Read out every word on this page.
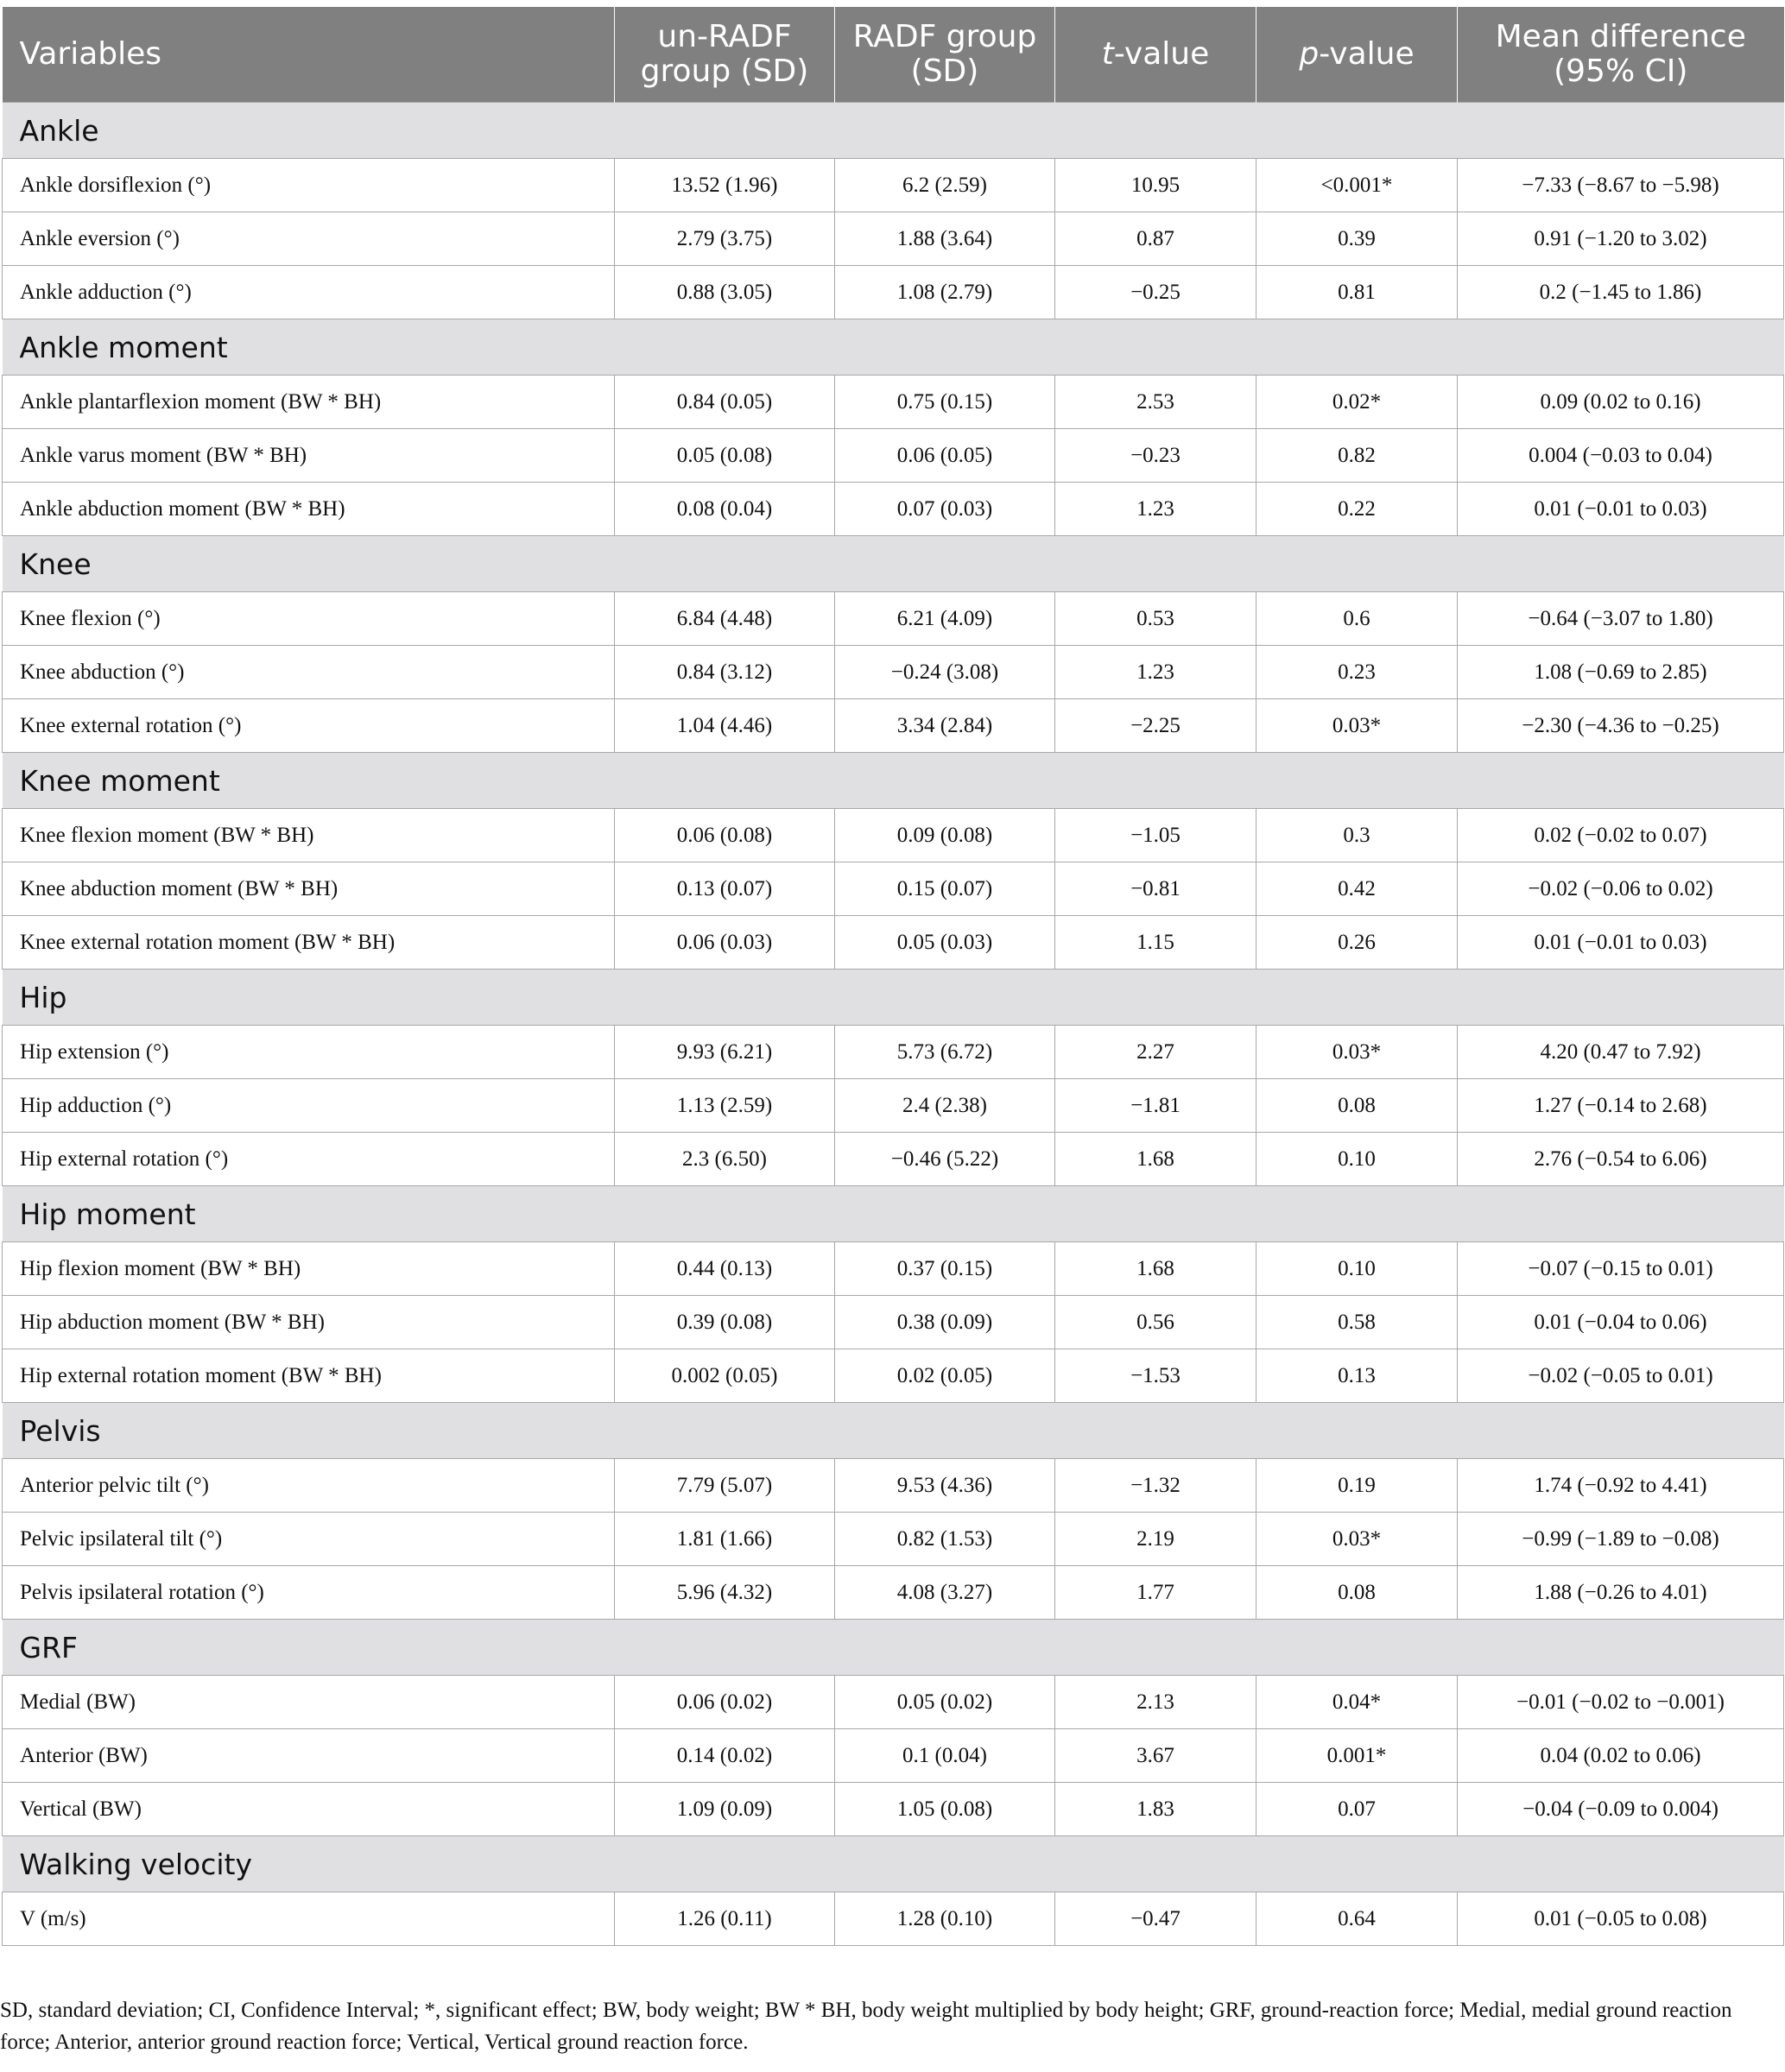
Variables	un-RADF group (SD)	RADF group (SD)	t-value	p-value	Mean difference (95% CI)
Ankle					
Ankle dorsiflexion (°)	13.52 (1.96)	6.2 (2.59)	10.95	<0.001*	−7.33 (−8.67 to −5.98)
Ankle eversion (°)	2.79 (3.75)	1.88 (3.64)	0.87	0.39	0.91 (−1.20 to 3.02)
Ankle adduction (°)	0.88 (3.05)	1.08 (2.79)	−0.25	0.81	0.2 (−1.45 to 1.86)
Ankle moment					
Ankle plantarflexion moment (BW * BH)	0.84 (0.05)	0.75 (0.15)	2.53	0.02*	0.09 (0.02 to 0.16)
Ankle varus moment (BW * BH)	0.05 (0.08)	0.06 (0.05)	−0.23	0.82	0.004 (−0.03 to 0.04)
Ankle abduction moment (BW * BH)	0.08 (0.04)	0.07 (0.03)	1.23	0.22	0.01 (−0.01 to 0.03)
Knee					
Knee flexion (°)	6.84 (4.48)	6.21 (4.09)	0.53	0.6	−0.64 (−3.07 to 1.80)
Knee abduction (°)	0.84 (3.12)	−0.24 (3.08)	1.23	0.23	1.08 (−0.69 to 2.85)
Knee external rotation (°)	1.04 (4.46)	3.34 (2.84)	−2.25	0.03*	−2.30 (−4.36 to −0.25)
Knee moment					
Knee flexion moment (BW * BH)	0.06 (0.08)	0.09 (0.08)	−1.05	0.3	0.02 (−0.02 to 0.07)
Knee abduction moment (BW * BH)	0.13 (0.07)	0.15 (0.07)	−0.81	0.42	−0.02 (−0.06 to 0.02)
Knee external rotation moment (BW * BH)	0.06 (0.03)	0.05 (0.03)	1.15	0.26	0.01 (−0.01 to 0.03)
Hip					
Hip extension (°)	9.93 (6.21)	5.73 (6.72)	2.27	0.03*	4.20 (0.47 to 7.92)
Hip adduction (°)	1.13 (2.59)	2.4 (2.38)	−1.81	0.08	1.27 (−0.14 to 2.68)
Hip external rotation (°)	2.3 (6.50)	−0.46 (5.22)	1.68	0.10	2.76 (−0.54 to 6.06)
Hip moment					
Hip flexion moment (BW * BH)	0.44 (0.13)	0.37 (0.15)	1.68	0.10	−0.07 (−0.15 to 0.01)
Hip abduction moment (BW * BH)	0.39 (0.08)	0.38 (0.09)	0.56	0.58	0.01 (−0.04 to 0.06)
Hip external rotation moment (BW * BH)	0.002 (0.05)	0.02 (0.05)	−1.53	0.13	−0.02 (−0.05 to 0.01)
Pelvis					
Anterior pelvic tilt (°)	7.79 (5.07)	9.53 (4.36)	−1.32	0.19	1.74 (−0.92 to 4.41)
Pelvic ipsilateral tilt (°)	1.81 (1.66)	0.82 (1.53)	2.19	0.03*	−0.99 (−1.89 to −0.08)
Pelvis ipsilateral rotation (°)	5.96 (4.32)	4.08 (3.27)	1.77	0.08	1.88 (−0.26 to 4.01)
GRF					
Medial (BW)	0.06 (0.02)	0.05 (0.02)	2.13	0.04*	−0.01 (−0.02 to −0.001)
Anterior (BW)	0.14 (0.02)	0.1 (0.04)	3.67	0.001*	0.04 (0.02 to 0.06)
Vertical (BW)	1.09 (0.09)	1.05 (0.08)	1.83	0.07	−0.04 (−0.09 to 0.004)
Walking velocity					
V (m/s)	1.26 (0.11)	1.28 (0.10)	−0.47	0.64	0.01 (−0.05 to 0.08)
SD, standard deviation; CI, Confidence Interval; *, significant effect; BW, body weight; BW * BH, body weight multiplied by body height; GRF, ground-reaction force; Medial, medial ground reaction force; Anterior, anterior ground reaction force; Vertical, Vertical ground reaction force.
